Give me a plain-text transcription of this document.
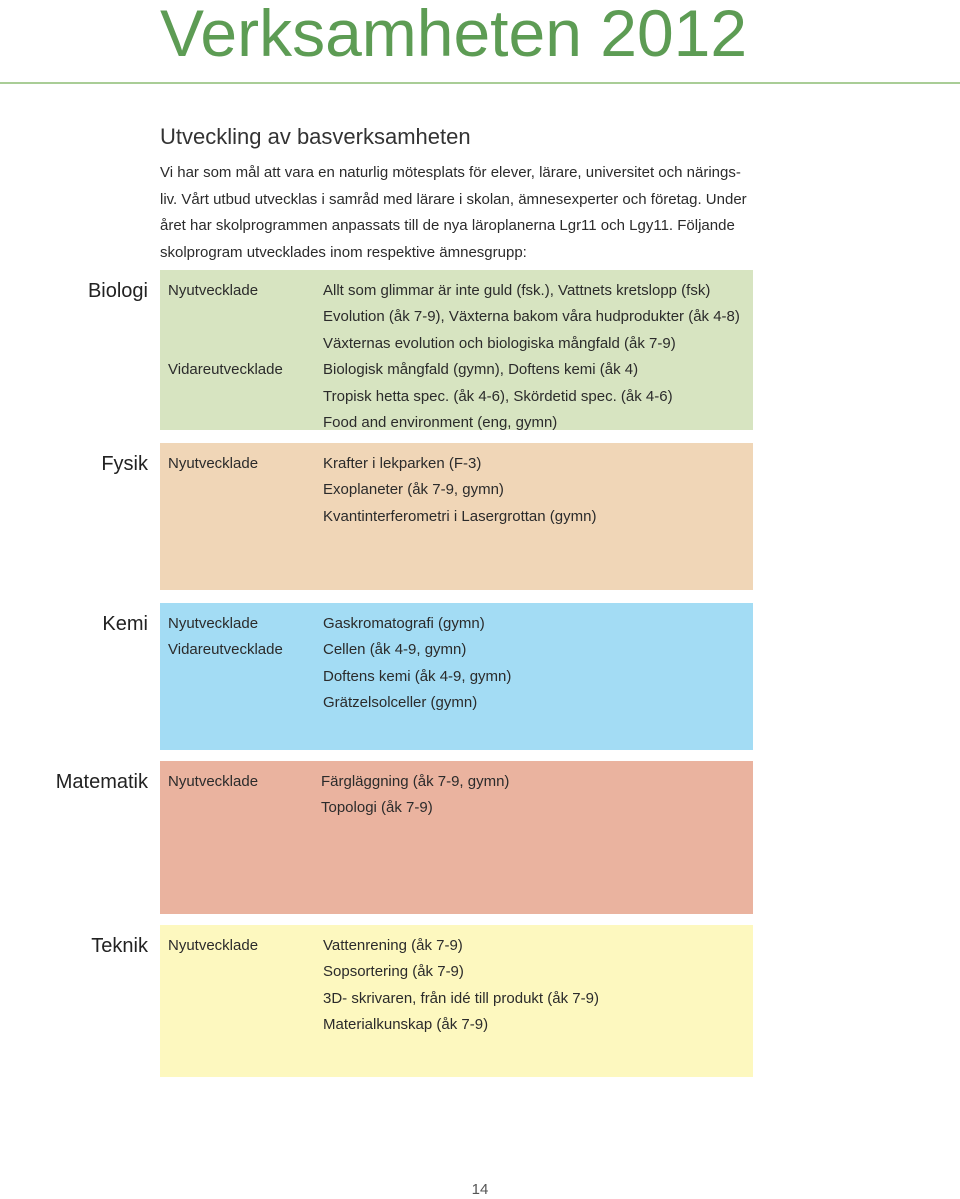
Verksamheten 2012
Utveckling av basverksamheten

Vi har som mål att vara en naturlig mötesplats för elever, lärare, universitet och närings-
liv. Vårt utbud utvecklas i samråd med lärare i skolan, ämnesexperter och företag. Under
året har skolprogrammen anpassats till de nya läroplanerna Lgr11 och Lgy11. Följande
skolprogram utvecklades inom respektive ämnesgrupp:

Biologi Nyutvecklade	Allt som glimmar är inte guld (fsk.), Vattnets kretslopp (fsk)
Evolution (åk 7-9), Växterna bakom våra hudprodukter (åk 4-8)
Växternas evolution och biologiska mångfald (åk 7-9)
Vidareutvecklade	Biologisk mångfald (gymn), Doftens kemi (åk 4)
Tropisk hetta spec. (åk 4-6), Skördetid spec. (åk 4-6)
Food and environment (eng, gymn)
Fysik Nyutvecklade	Krafter i lekparken (F-3)
Exoplaneter (åk 7-9, gymn)
Kvantinterferometri i Lasergrottan (gymn)
Kemi Nyutvecklade	Gaskromatografi (gymn)
Vidareutvecklade	Cellen (åk 4-9, gymn)
Doftens kemi (åk 4-9, gymn)
Grätzelsolceller (gymn)
Matematik Nyutvecklade	Färgläggning (åk 7-9, gymn)
Topologi (åk 7-9)
Teknik Nyutvecklade	Vattenrening (åk 7-9)
Sopsortering (åk 7-9)
3D- skrivaren, från idé till produkt (åk 7-9)
Materialkunskap (åk 7-9)
14
